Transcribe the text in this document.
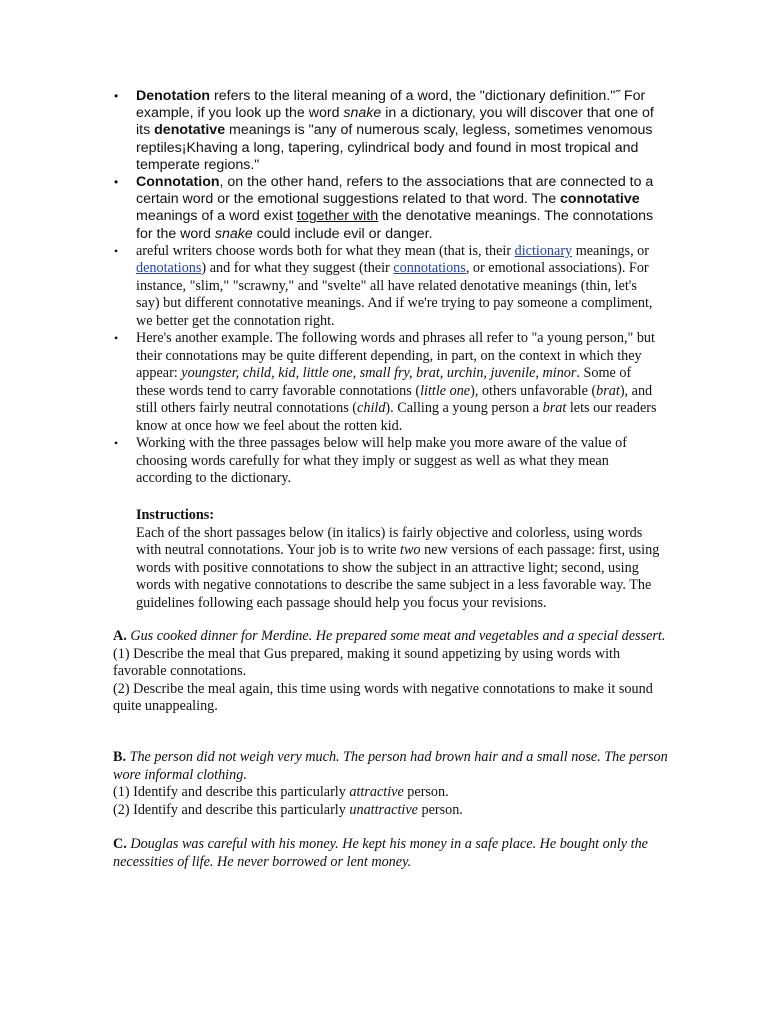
• Denotation refers to the literal meaning of a word, the "dictionary definition."˝ For example, if you look up the word snake in a dictionary, you will discover that one of its denotative meanings is "any of numerous scaly, legless, sometimes venomous reptiles¡Khaving a long, tapering, cylindrical body and found in most tropical and temperate regions."
• Connotation, on the other hand, refers to the associations that are connected to a certain word or the emotional suggestions related to that word. The connotative meanings of a word exist together with the denotative meanings. The connotations for the word snake could include evil or danger.
• areful writers choose words both for what they mean (that is, their dictionary meanings, or denotations) and for what they suggest (their connotations, or emotional associations). For instance, "slim," "scrawny," and "svelte" all have related denotative meanings (thin, let's say) but different connotative meanings. And if we're trying to pay someone a compliment, we better get the connotation right.
• Here's another example. The following words and phrases all refer to "a young person," but their connotations may be quite different depending, in part, on the context in which they appear: youngster, child, kid, little one, small fry, brat, urchin, juvenile, minor. Some of these words tend to carry favorable connotations (little one), others unfavorable (brat), and still others fairly neutral connotations (child). Calling a young person a brat lets our readers know at once how we feel about the rotten kid.
• Working with the three passages below will help make you more aware of the value of choosing words carefully for what they imply or suggest as well as what they mean according to the dictionary.

Instructions:

Each of the short passages below (in italics) is fairly objective and colorless, using words with neutral connotations. Your job is to write two new versions of each passage: first, using words with positive connotations to show the subject in an attractive light; second, using words with negative connotations to describe the same subject in a less favorable way. The guidelines following each passage should help you focus your revisions.

A. Gus cooked dinner for Merdine. He prepared some meat and vegetables and a special dessert.

(1) Describe the meal that Gus prepared, making it sound appetizing by using words with favorable connotations.

(2) Describe the meal again, this time using words with negative connotations to make it sound quite unappealing.

B. The person did not weigh very much. The person had brown hair and a small nose. The person wore informal clothing.

(1) Identify and describe this particularly attractive person.

(2) Identify and describe this particularly unattractive person.

C. Douglas was careful with his money. He kept his money in a safe place. He bought only the necessities of life. He never borrowed or lent money.
